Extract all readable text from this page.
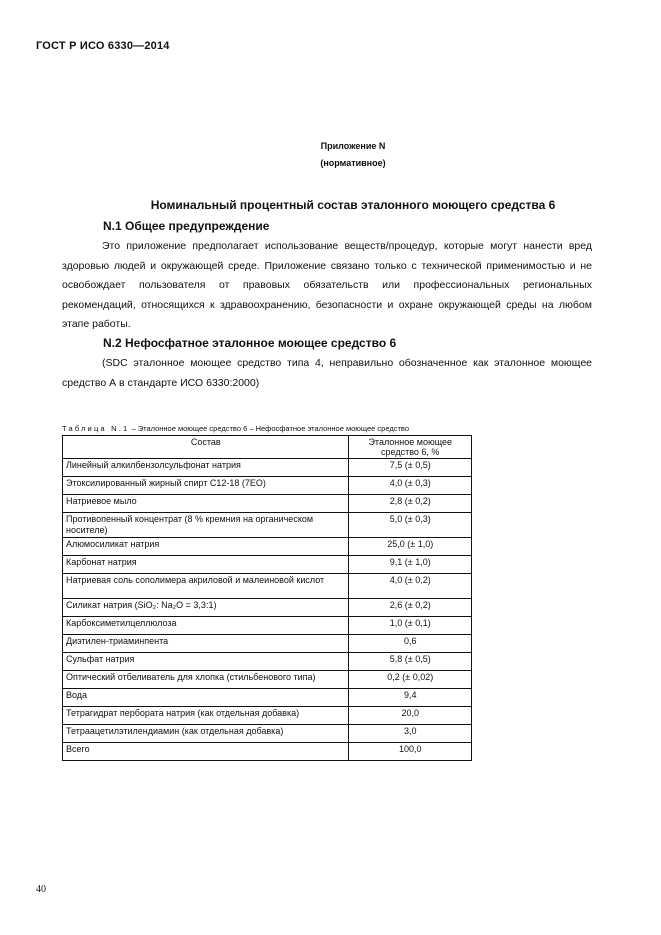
ГОСТ Р ИСО 6330—2014
Приложение N
(нормативное)
Номинальный процентный состав эталонного моющего средства 6
N.1 Общее предупреждение

Это приложение предполагает использование веществ/процедур, которые могут нанести вред здоровью людей и окружающей среде. Приложение связано только с технической применимостью и не освобождает пользователя от правовых обязательств или профессиональных региональных рекомендаций, относящихся к здравоохранению, безопасности и охране окружающей среды на любом этапе работы.

N.2 Нефосфатное эталонное моющее средство 6

(SDC эталонное моющее средство типа 4, неправильно обозначенное как эталонное моющее средство А в стандарте ИСО 6330:2000)

Таблица N.1 – Эталонное моющее средство 6 – Нефосфатное эталонное моющее средство
Состав	Эталонное моющее средство 6, %
Линейный алкилбензолсульфонат натрия	7,5 (± 0,5)
Этоксилированный жирный спирт С12-18 (7ЕО)	4,0 (± 0,3)
Натриевое мыло	2,8 (± 0,2)
Противопенный концентрат (8 % кремния на органическом носителе)	5,0 (± 0,3)
Алюмосиликат натрия	25,0 (± 1,0)
Карбонат натрия	9,1 (± 1,0)
Натриевая соль сополимера акриловой и малеиновой кислот	4,0 (± 0,2)
Силикат натрия (SiO₂: Na₂O = 3,3:1)	2,6 (± 0,2)
Карбоксиметилцеллюлоза	1,0 (± 0,1)
Диэтилен-триаминпента	0,6
Сульфат натрия	5,8 (± 0,5)
Оптический отбеливатель для хлопка (стильбенового типа)	0,2 (± 0,02)
Вода	9,4
Тетрагидрат пербората натрия (как отдельная добавка)	20,0
Тетраацетилэтилендиамин (как отдельная добавка)	3,0
Всего	100,0
40
